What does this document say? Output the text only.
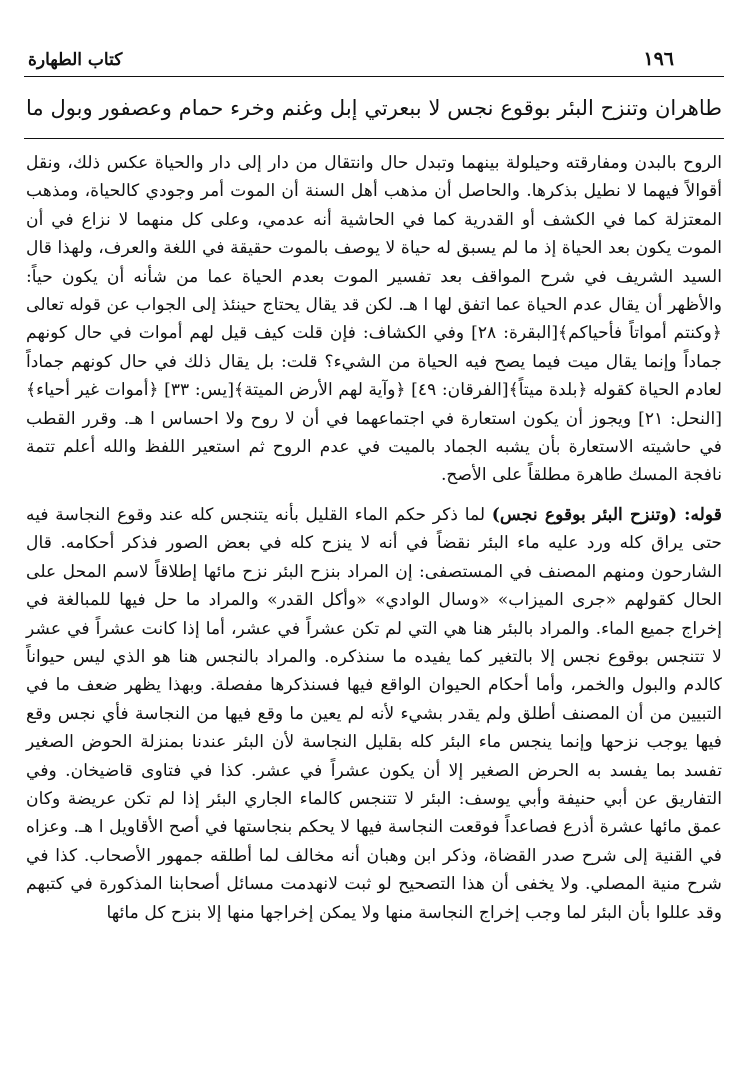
١٩٦
كتاب الطهارة
طاهران وتنزح البئر بوقوع نجس لا ببعرتي إبل وغنم وخرء حمام وعصفور وبول ما

الروح بالبدن ومفارقته وحيلولة بينهما وتبدل حال وانتقال من دار إلى دار والحياة عكس ذلك، ونقل أقوالاً فيهما لا نطيل بذكرها. والحاصل أن مذهب أهل السنة أن الموت أمر وجودي كالحياة، ومذهب المعتزلة كما في الكشف أو القدرية كما في الحاشية أنه عدمي، وعلى كل منهما لا نزاع في أن الموت يكون بعد الحياة إذ ما لم يسبق له حياة لا يوصف بالموت حقيقة في اللغة والعرف، ولهذا قال السيد الشريف في شرح المواقف بعد تفسير الموت بعدم الحياة عما من شأنه أن يكون حياً: والأظهر أن يقال عدم الحياة عما اتفق لها ا هـ. لكن قد يقال يحتاج حينئذ إلى الجواب عن قوله تعالى ﴿وكنتم أمواتاً فأحياكم﴾[البقرة: ٢٨] وفي الكشاف: فإن قلت كيف قيل لهم أموات في حال كونهم جماداً وإنما يقال ميت فيما يصح فيه الحياة من الشيء؟ قلت: بل يقال ذلك في حال كونهم جماداً لعادم الحياة كقوله ﴿بلدة ميتاً﴾[الفرقان: ٤٩] ﴿وآية لهم الأرض الميتة﴾[يس: ٣٣] ﴿أموات غير أحياء﴾[النحل: ٢١] ويجوز أن يكون استعارة في اجتماعهما في أن لا روح ولا احساس ا هـ. وقرر القطب في حاشيته الاستعارة بأن يشبه الجماد بالميت في عدم الروح ثم استعير اللفظ والله أعلم تتمة نافجة المسك طاهرة مطلقاً على الأصح.

قوله: (وتنزح البئر بوقوع نجس) لما ذكر حكم الماء القليل بأنه يتنجس كله عند وقوع النجاسة فيه حتى يراق كله ورد عليه ماء البئر نقضاً في أنه لا ينزح كله في بعض الصور فذكر أحكامه. قال الشارحون ومنهم المصنف في المستصفى: إن المراد بنزح البئر نزح مائها إطلاقاً لاسم المحل على الحال كقولهم «جرى الميزاب» «وسال الوادي» «وأكل القدر» والمراد ما حل فيها للمبالغة في إخراج جميع الماء. والمراد بالبئر هنا هي التي لم تكن عشراً في عشر، أما إذا كانت عشراً في عشر لا تتنجس بوقوع نجس إلا بالتغير كما يفيده ما سنذكره. والمراد بالنجس هنا هو الذي ليس حيواناً كالدم والبول والخمر، وأما أحكام الحيوان الواقع فيها فسنذكرها مفصلة. وبهذا يظهر ضعف ما في التبيين من أن المصنف أطلق ولم يقدر بشيء لأنه لم يعين ما وقع فيها من النجاسة فأي نجس وقع فيها يوجب نزحها وإنما ينجس ماء البئر كله بقليل النجاسة لأن البئر عندنا بمنزلة الحوض الصغير تفسد بما يفسد به الحرض الصغير إلا أن يكون عشراً في عشر. كذا في فتاوى قاضيخان. وفي التفاريق عن أبي حنيفة وأبي يوسف: البئر لا تتنجس كالماء الجاري البئر إذا لم تكن عريضة وكان عمق مائها عشرة أذرع فصاعداً فوقعت النجاسة فيها لا يحكم بنجاستها في أصح الأقاويل ا هـ. وعزاه في القنية إلى شرح صدر القضاة، وذكر ابن وهبان أنه مخالف لما أطلقه جمهور الأصحاب. كذا في شرح منية المصلي. ولا يخفى أن هذا التصحيح لو ثبت لانهدمت مسائل أصحابنا المذكورة في كتبهم وقد عللوا بأن البئر لما وجب إخراج النجاسة منها ولا يمكن إخراجها منها إلا بنزح كل مائها
